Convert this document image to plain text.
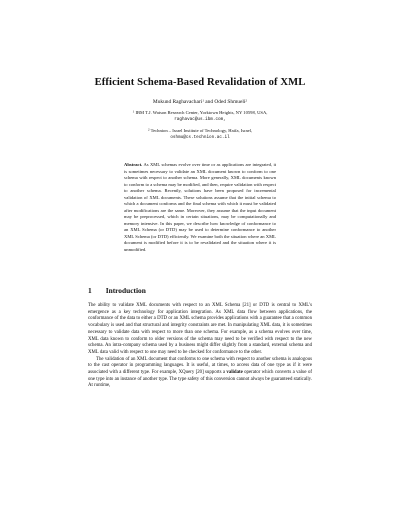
Efficient Schema-Based Revalidation of XML
Mukund Raghavachari$^1$ and Oded Shmueli$^2$
$^1$ IBM T.J. Watson Research Center, Yorktown Heights, NY 10598, USA,
raghavac@us.ibm.com,
$^2$ Technion – Israel Institute of Technology, Haifa, Israel,
oshmu@cs.technion.ac.il

Abstract. As XML schemas evolve over time or as applications are integrated, it is sometimes necessary to validate an XML document known to conform to one schema with respect to another schema. More generally, XML documents known to conform to a schema may be modified, and then, require validation with respect to another schema. Recently, solutions have been proposed for incremental validation of XML documents. These solutions assume that the initial schema to which a document conforms and the final schema with which it must be validated after modifications are the same. Moreover, they assume that the input document may be preprocessed, which in certain situations, may be computationally and memory intensive. In this paper, we describe how knowledge of conformance to an XML Schema (or DTD) may be used to determine conformance to another XML Schema (or DTD) efficiently. We examine both the situation where an XML document is modified before it is to be revalidated and the situation where it is unmodified.

1 Introduction

The ability to validate XML documents with respect to an XML Schema [21] or DTD is central to XML's emergence as a key technology for application integration. As XML data flow between applications, the conformance of the data to either a DTD or an XML schema provides applications with a guarantee that a common vocabulary is used and that structural and integrity constraints are met. In manipulating XML data, it is sometimes necessary to validate data with respect to more than one schema. For example, as a schema evolves over time, XML data known to conform to older versions of the schema may need to be verified with respect to the new schema. An intra-company schema used by a business might differ slightly from a standard, external schema and XML data valid with respect to one may need to be checked for conformance to the other.

The validation of an XML document that conforms to one schema with respect to another schema is analogous to the cast operator in programming languages. It is useful, at times, to access data of one type as if it were associated with a different type. For example, XQuery [20] supports a validate operator which converts a value of one type into an instance of another type. The type safety of this conversion cannot always be guaranteed statically. At runtime,
